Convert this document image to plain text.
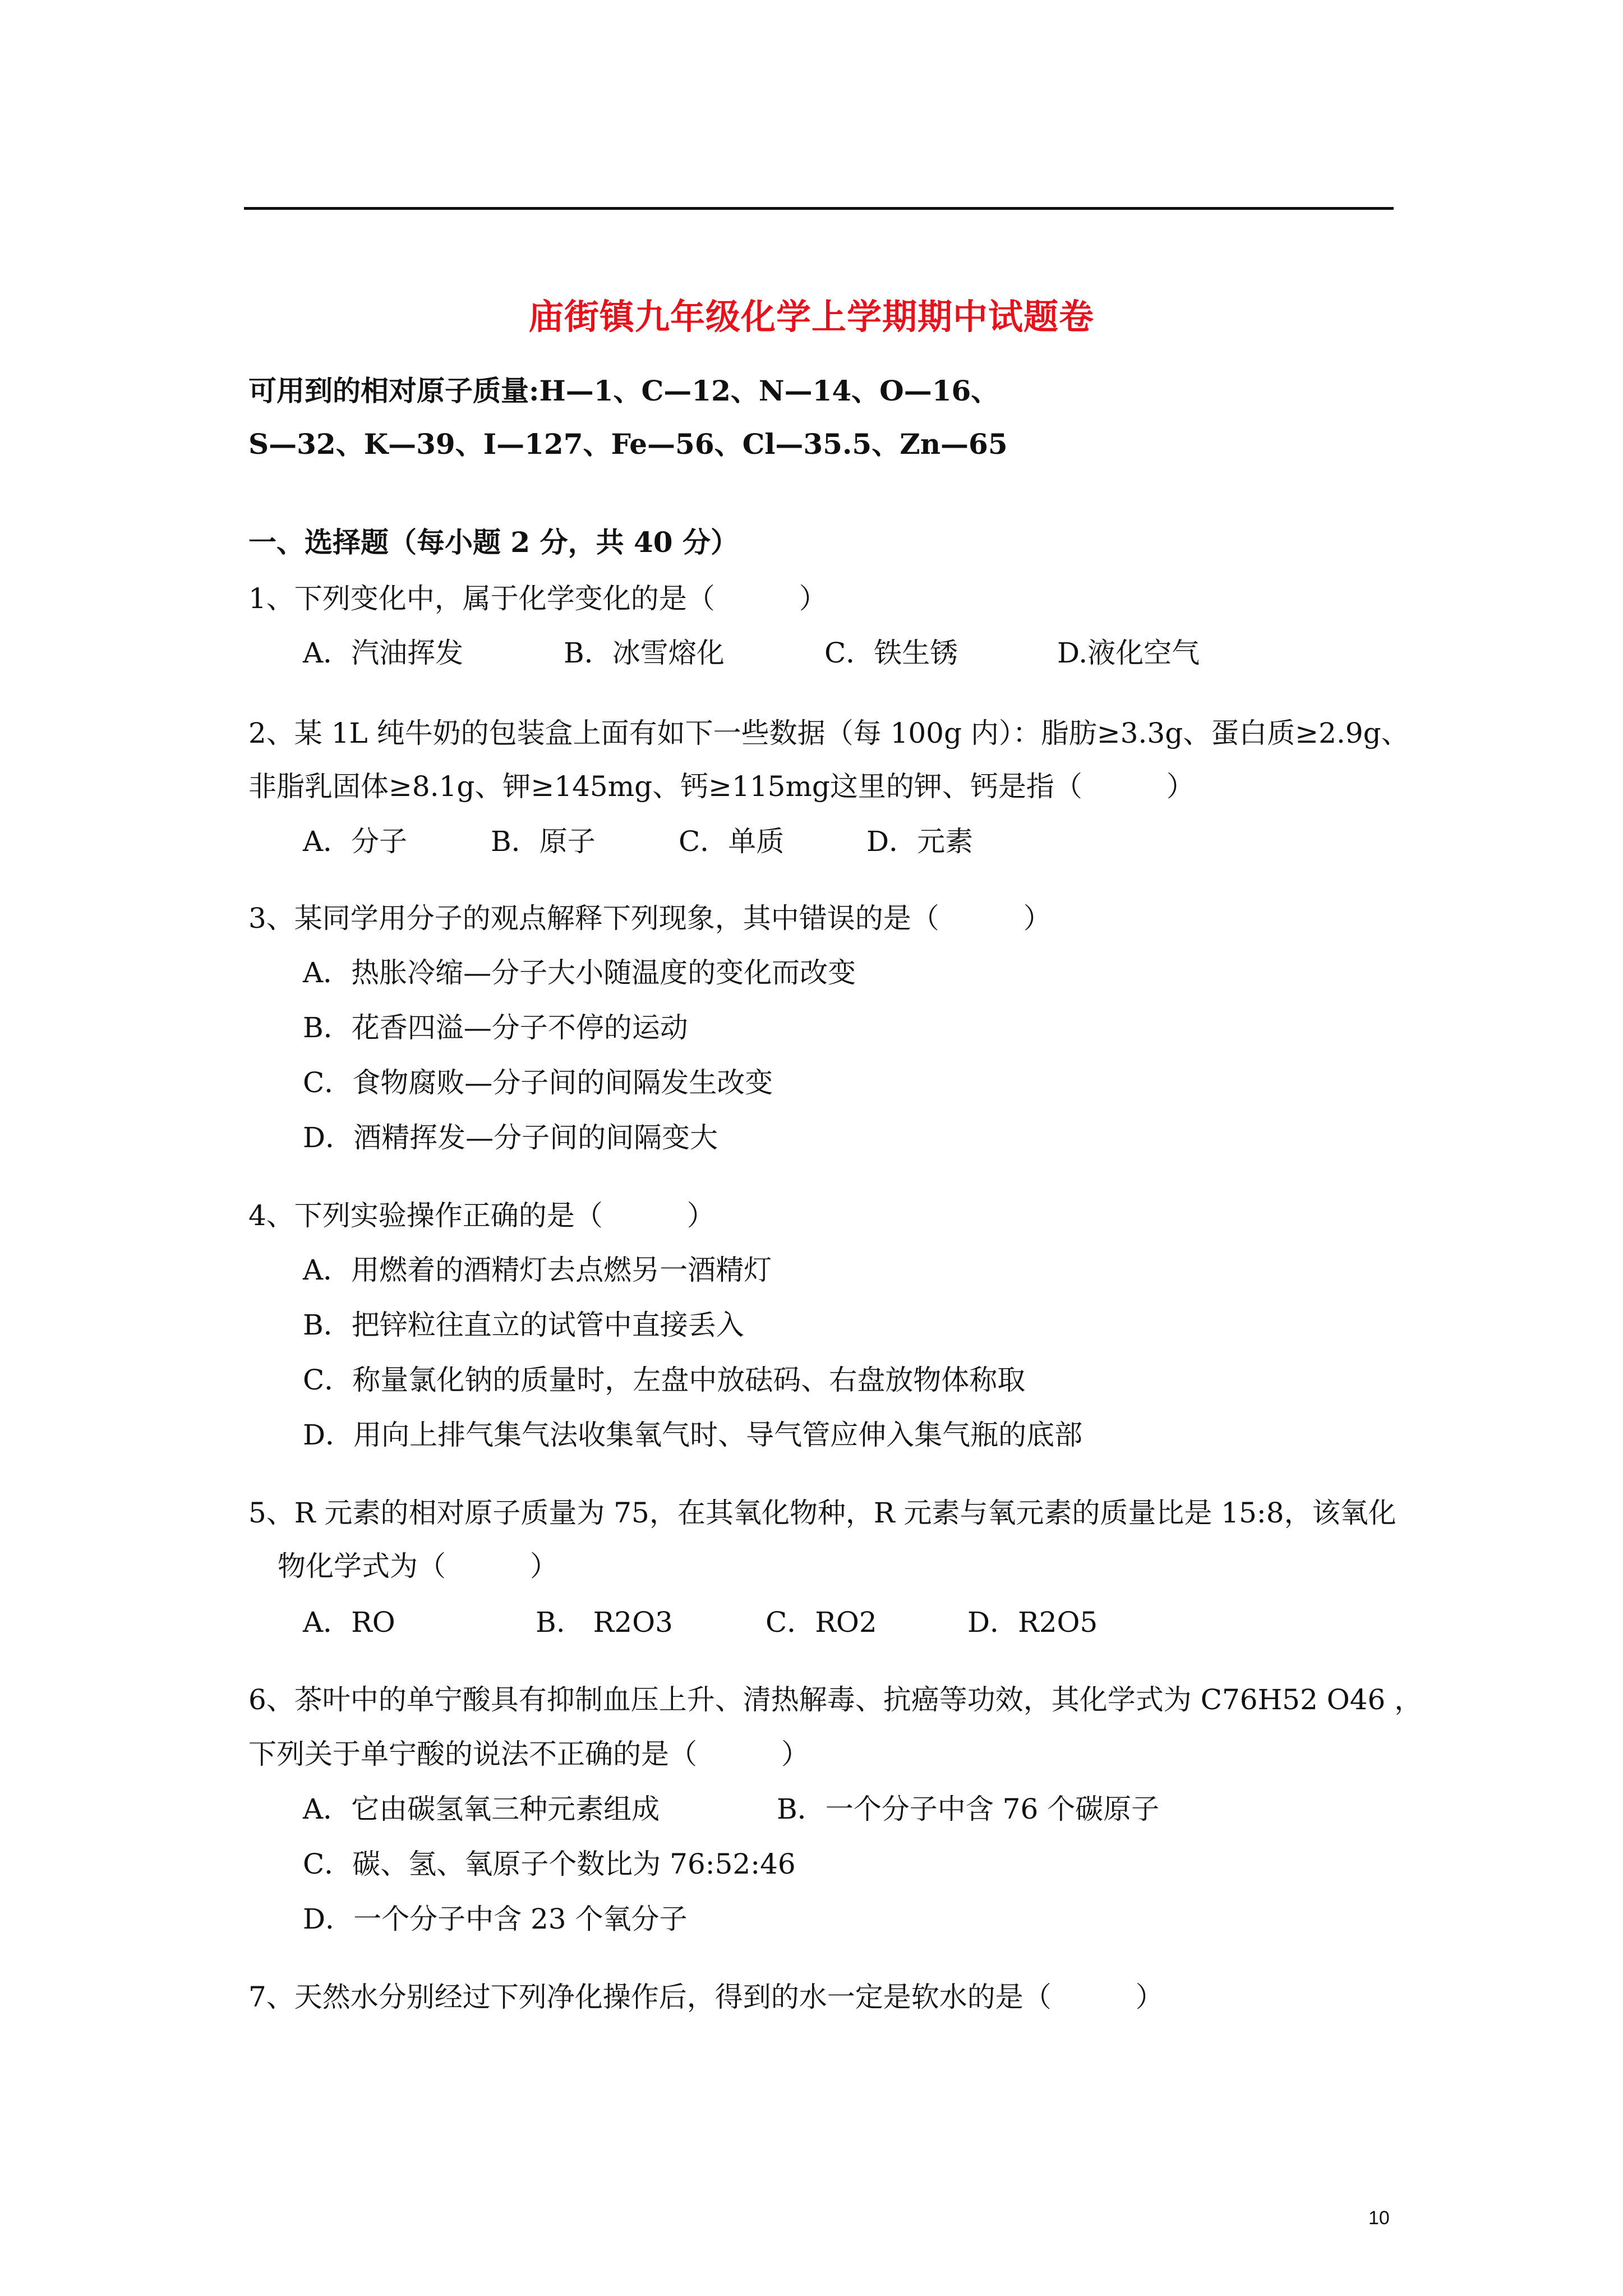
庙街镇九年级化学上学期期中试题卷
可用到的相对原子质量:H—1、C—12、N—14、O—16、
S—32、K—39、I—127、Fe—56、Cl—35.5、Zn—65
一、选择题（每小题 2 分，共 40 分）
1、下列变化中，属于化学变化的是（　　　）
A．汽油挥发	B．冰雪熔化	C．铁生锈	D.液化空气
2、某 1L 纯牛奶的包装盒上面有如下一些数据（每 100g 内）：脂肪≥3.3g、蛋白质≥2.9g、
非脂乳固体≥8.1g、钾≥145mg、钙≥115mg这里的钾、钙是指（　　　）
A．分子	B．原子	C．单质	D．元素
3、某同学用分子的观点解释下列现象，其中错误的是（　　　）
A．热胀冷缩—分子大小随温度的变化而改变
B．花香四溢—分子不停的运动
C．食物腐败—分子间的间隔发生改变
D．酒精挥发—分子间的间隔变大
4、下列实验操作正确的是（　　　）
A．用燃着的酒精灯去点燃另一酒精灯
B．把锌粒往直立的试管中直接丢入
C．称量氯化钠的质量时，左盘中放砝码、右盘放物体称取
D．用向上排气集气法收集氧气时、导气管应伸入集气瓶的底部
5、R 元素的相对原子质量为 75，在其氧化物种，R 元素与氧元素的质量比是 15:8，该氧化
物化学式为（　　　）
A．RO	B.　R2O3	C．RO2	D．R2O5
6、茶叶中的单宁酸具有抑制血压上升、清热解毒、抗癌等功效，其化学式为 C76H52 O46 ，
下列关于单宁酸的说法不正确的是（　　　）
A．它由碳氢氧三种元素组成	B．一个分子中含 76 个碳原子
C．碳、氢、氧原子个数比为 76:52:46
D．一个分子中含 23 个氧分子
7、天然水分别经过下列净化操作后，得到的水一定是软水的是（　　　）
10
